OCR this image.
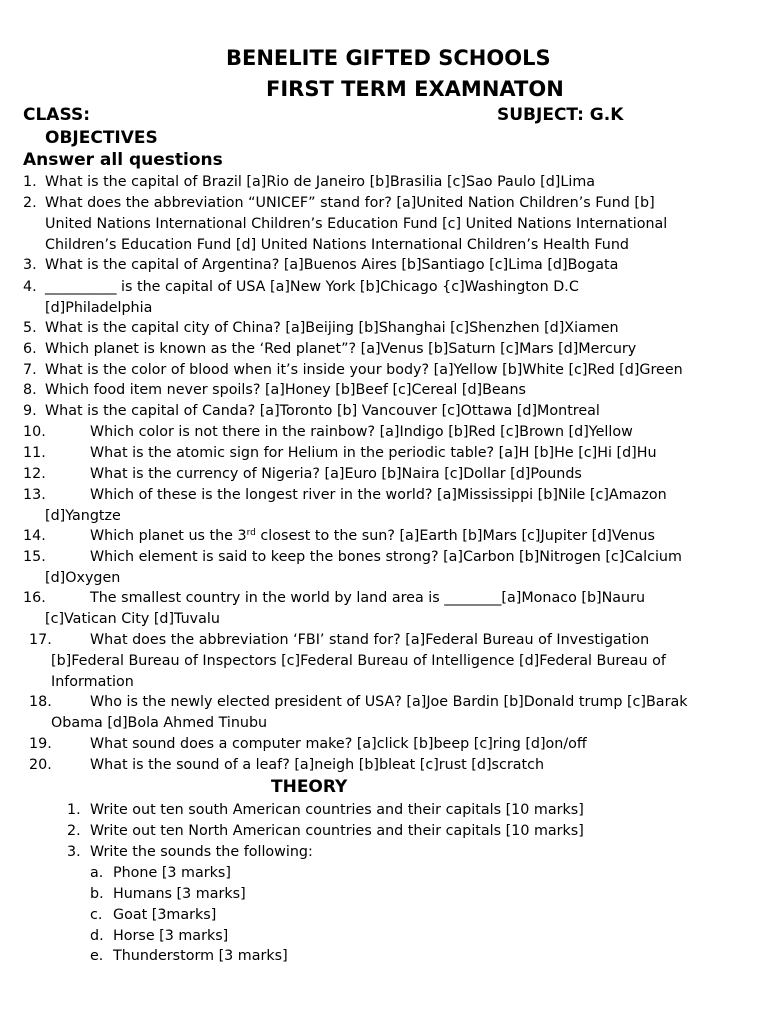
BENELITE GIFTED SCHOOLS
FIRST TERM EXAMNATON
CLASS:	SUBJECT: G.K
OBJECTIVES
Answer all questions
1. What is the capital of Brazil [a]Rio de Janeiro [b]Brasilia [c]Sao Paulo [d]Lima
2. What does the abbreviation “UNICEF” stand for? [a]United Nation Children’s Fund [b]
United Nations International Children’s Education Fund [c] United Nations International
Children’s Education Fund [d] United Nations International Children’s Health Fund
3. What is the capital of Argentina? [a]Buenos Aires [b]Santiago [c]Lima [d]Bogata
4. __________ is the capital of USA [a]New York [b]Chicago {c]Washington D.C
[d]Philadelphia
5. What is the capital city of China? [a]Beijing [b]Shanghai [c]Shenzhen [d]Xiamen
6. Which planet is known as the ‘Red planet”? [a]Venus [b]Saturn [c]Mars [d]Mercury
7. What is the color of blood when it’s inside your body? [a]Yellow [b]White [c]Red [d]Green
8. Which food item never spoils? [a]Honey [b]Beef [c]Cereal [d]Beans
9. What is the capital of Canda? [a]Toronto [b] Vancouver [c]Ottawa [d]Montreal
10.	Which color is not there in the rainbow? [a]Indigo [b]Red [c]Brown [d]Yellow
11.	What is the atomic sign for Helium in the periodic table? [a]H [b]He [c]Hi [d]Hu
12.	What is the currency of Nigeria? [a]Euro [b]Naira [c]Dollar [d]Pounds
13.	Which of these is the longest river in the world? [a]Mississippi [b]Nile [c]Amazon
[d]Yangtze
14.	Which planet us the 3rd closest to the sun? [a]Earth [b]Mars [c]Jupiter [d]Venus
15.	Which element is said to keep the bones strong? [a]Carbon [b]Nitrogen [c]Calcium
[d]Oxygen
16.	The smallest country in the world by land area is ________[a]Monaco [b]Nauru
[c]Vatican City [d]Tuvalu
17.	What does the abbreviation ‘FBI’ stand for? [a]Federal Bureau of Investigation
[b]Federal Bureau of Inspectors [c]Federal Bureau of Intelligence [d]Federal Bureau of
Information
18.	Who is the newly elected president of USA? [a]Joe Bardin [b]Donald trump [c]Barak
Obama [d]Bola Ahmed Tinubu
19.	What sound does a computer make? [a]click [b]beep [c]ring [d]on/off
20.	What is the sound of a leaf? [a]neigh [b]bleat [c]rust [d]scratch
THEORY
1. Write out ten south American countries and their capitals [10 marks]
2. Write out ten North American countries and their capitals [10 marks]
3. Write the sounds the following:
a. Phone [3 marks]
b. Humans [3 marks]
c. Goat [3marks]
d. Horse [3 marks]
e. Thunderstorm [3 marks]
